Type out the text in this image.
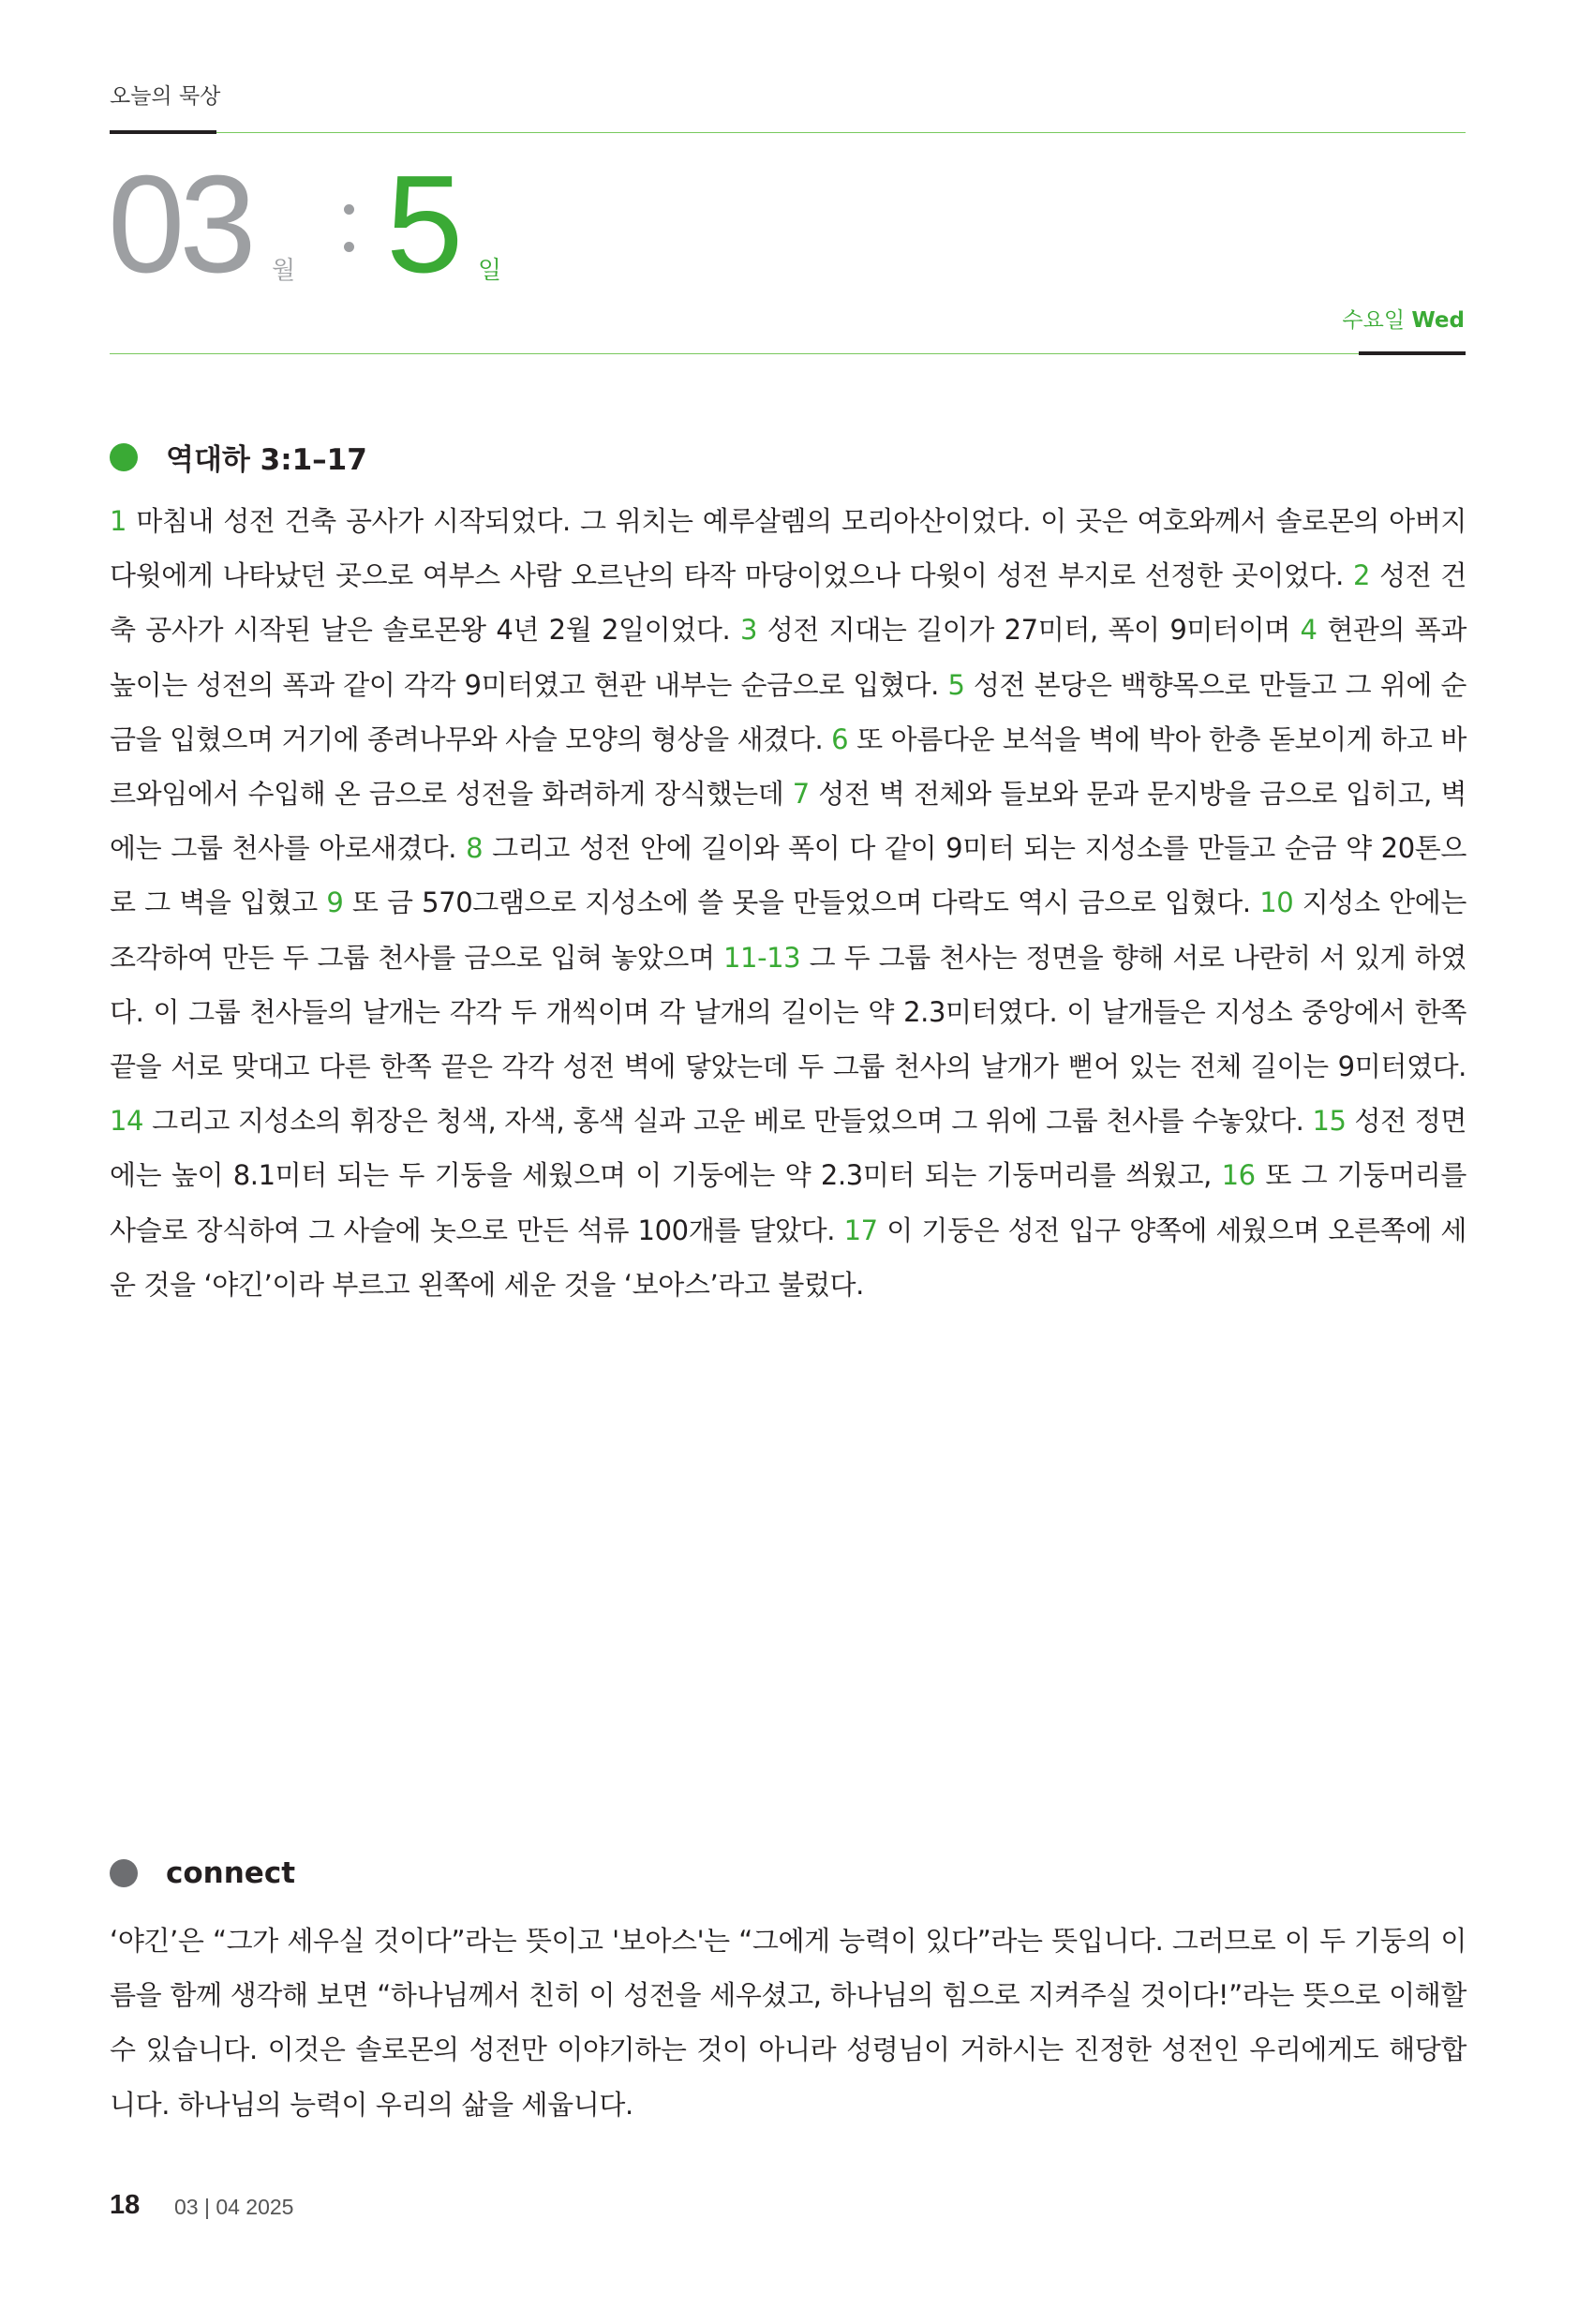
오늘의 묵상
03 월 5 일
수요일 Wed
역대하 3:1–17
1 마침내 성전 건축 공사가 시작되었다. 그 위치는 예루살렘의 모리아산이었다. 이 곳은 여호와께서 솔로몬의 아버지 다윗에게 나타났던 곳으로 여부스 사람 오르난의 타작 마당이었으나 다윗이 성전 부지로 선정한 곳이었다. 2 성전 건축 공사가 시작된 날은 솔로몬왕 4년 2월 2일이었다. 3 성전 지대는 길이가 27미터, 폭이 9미터이며 4 현관의 폭과 높이는 성전의 폭과 같이 각각 9미터였고 현관 내부는 순금으로 입혔다. 5 성전 본당은 백향목으로 만들고 그 위에 순금을 입혔으며 거기에 종려나무와 사슬 모양의 형상을 새겼다. 6 또 아름다운 보석을 벽에 박아 한층 돋보이게 하고 바르와임에서 수입해 온 금으로 성전을 화려하게 장식했는데 7 성전 벽 전체와 들보와 문과 문지방을 금으로 입히고, 벽에는 그룹 천사를 아로새겼다. 8 그리고 성전 안에 길이와 폭이 다 같이 9미터 되는 지성소를 만들고 순금 약 20톤으로 그 벽을 입혔고 9 또 금 570그램으로 지성소에 쓸 못을 만들었으며 다락도 역시 금으로 입혔다. 10 지성소 안에는 조각하여 만든 두 그룹 천사를 금으로 입혀 놓았으며 11-13 그 두 그룹 천사는 정면을 향해 서로 나란히 서 있게 하였다. 이 그룹 천사들의 날개는 각각 두 개씩이며 각 날개의 길이는 약 2.3미터였다. 이 날개들은 지성소 중앙에서 한쪽 끝을 서로 맞대고 다른 한쪽 끝은 각각 성전 벽에 닿았는데 두 그룹 천사의 날개가 뻗어 있는 전체 길이는 9미터였다. 14 그리고 지성소의 휘장은 청색, 자색, 홍색 실과 고운 베로 만들었으며 그 위에 그룹 천사를 수놓았다. 15 성전 정면에는 높이 8.1미터 되는 두 기둥을 세웠으며 이 기둥에는 약 2.3미터 되는 기둥머리를 씌웠고, 16 또 그 기둥머리를 사슬로 장식하여 그 사슬에 놋으로 만든 석류 100개를 달았다. 17 이 기둥은 성전 입구 양쪽에 세웠으며 오른쪽에 세운 것을 ‘야긴’이라 부르고 왼쪽에 세운 것을 ‘보아스’라고 불렀다.
connect
‘야긴’은 “그가 세우실 것이다”라는 뜻이고 '보아스'는 “그에게 능력이 있다”라는 뜻입니다. 그러므로 이 두 기둥의 이름을 함께 생각해 보면 “하나님께서 친히 이 성전을 세우셨고, 하나님의 힘으로 지켜주실 것이다!”라는 뜻으로 이해할 수 있습니다. 이것은 솔로몬의 성전만 이야기하는 것이 아니라 성령님이 거하시는 진정한 성전인 우리에게도 해당합니다. 하나님의 능력이 우리의 삶을 세웁니다.
18 03 | 04 2025
